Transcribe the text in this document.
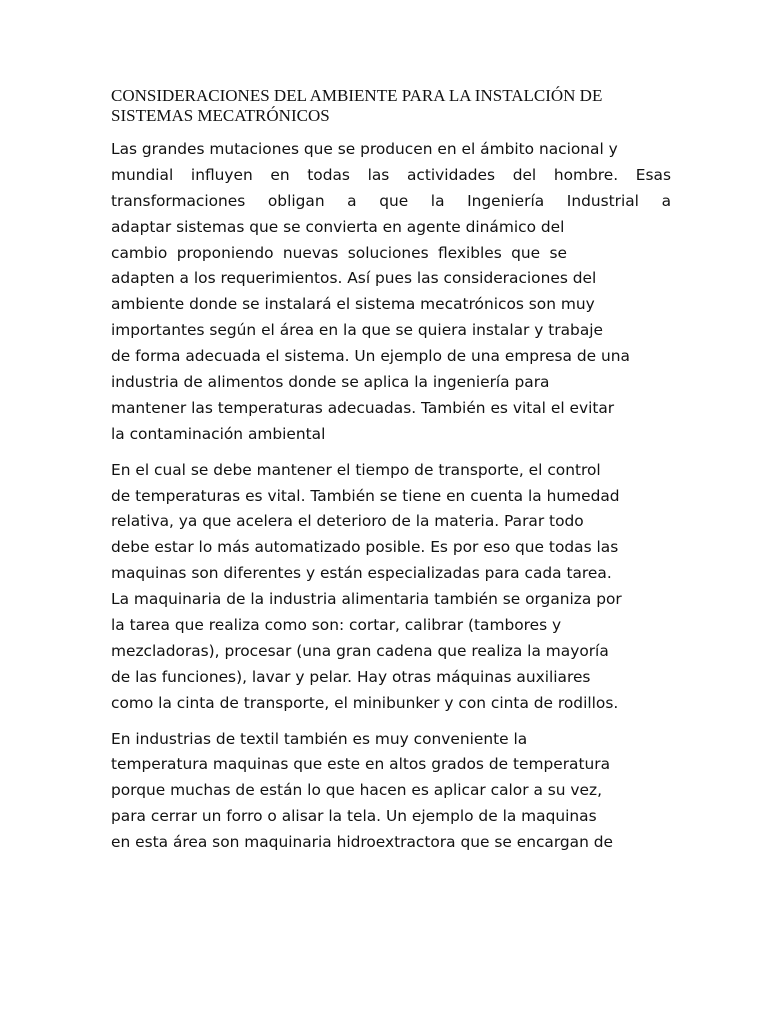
CONSIDERACIONES DEL AMBIENTE PARA LA INSTALCIÓN DE
SISTEMAS MECATRÓNICOS

Las grandes mutaciones que se producen en el ámbito nacional y
mundial influyen en todas las actividades del hombre. Esas
transformaciones obligan a que la Ingeniería Industrial a
adaptar sistemas que se convierta en agente dinámico del
cambio proponiendo nuevas soluciones flexibles que se
adapten a los requerimientos. Así pues las consideraciones del
ambiente donde se instalará el sistema mecatrónicos son muy
importantes según el área en la que se quiera instalar y trabaje
de forma adecuada el sistema. Un ejemplo de una empresa de una
industria de alimentos donde se aplica la ingeniería para
mantener las temperaturas adecuadas. También es vital el evitar
la contaminación ambiental

En el cual se debe mantener el tiempo de transporte, el control
de temperaturas es vital. También se tiene en cuenta la humedad
relativa, ya que acelera el deterioro de la materia. Parar todo
debe estar lo más automatizado posible. Es por eso que todas las
maquinas son diferentes y están especializadas para cada tarea.
La maquinaria de la industria alimentaria también se organiza por
la tarea que realiza como son: cortar, calibrar (tambores y
mezcladoras), procesar (una gran cadena que realiza la mayoría
de las funciones), lavar y pelar. Hay otras máquinas auxiliares
como la cinta de transporte, el minibunker y con cinta de rodillos.

En industrias de textil también es muy conveniente la
temperatura maquinas que este en altos grados de temperatura
porque muchas de están lo que hacen es aplicar calor a su vez,
para cerrar un forro o alisar la tela. Un ejemplo de la maquinas
en esta área son maquinaria hidroextractora que se encargan de
